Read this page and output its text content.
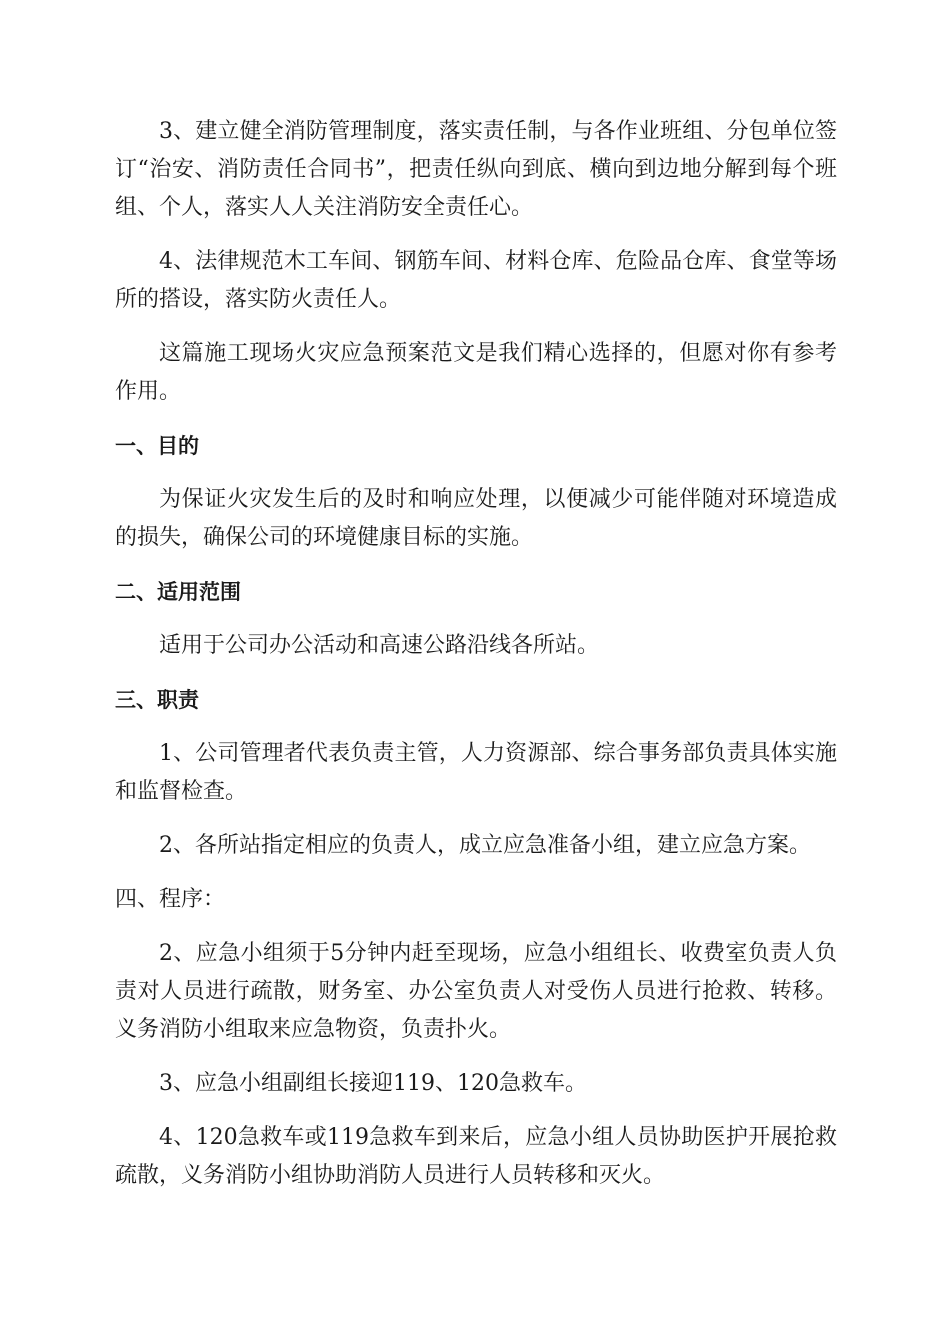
3、建立健全消防管理制度，落实责任制，与各作业班组、分包单位签订“治安、消防责任合同书”，把责任纵向到底、横向到边地分解到每个班组、个人，落实人人关注消防安全责任心。

4、法律规范木工车间、钢筋车间、材料仓库、危险品仓库、食堂等场所的搭设，落实防火责任人。

这篇施工现场火灾应急预案范文是我们精心选择的，但愿对你有参考作用。

一、目的

为保证火灾发生后的及时和响应处理，以便减少可能伴随对环境造成的损失，确保公司的环境健康目标的实施。

二、适用范围

适用于公司办公活动和高速公路沿线各所站。

三、职责

1、公司管理者代表负责主管，人力资源部、综合事务部负责具体实施和监督检查。

2、各所站指定相应的负责人，成立应急准备小组，建立应急方案。

四、程序：

2、应急小组须于5分钟内赶至现场，应急小组组长、收费室负责人负责对人员进行疏散，财务室、办公室负责人对受伤人员进行抢救、转移。义务消防小组取来应急物资，负责扑火。

3、应急小组副组长接迎119、120急救车。

4、120急救车或119急救车到来后，应急小组人员协助医护开展抢救疏散，义务消防小组协助消防人员进行人员转移和灭火。
